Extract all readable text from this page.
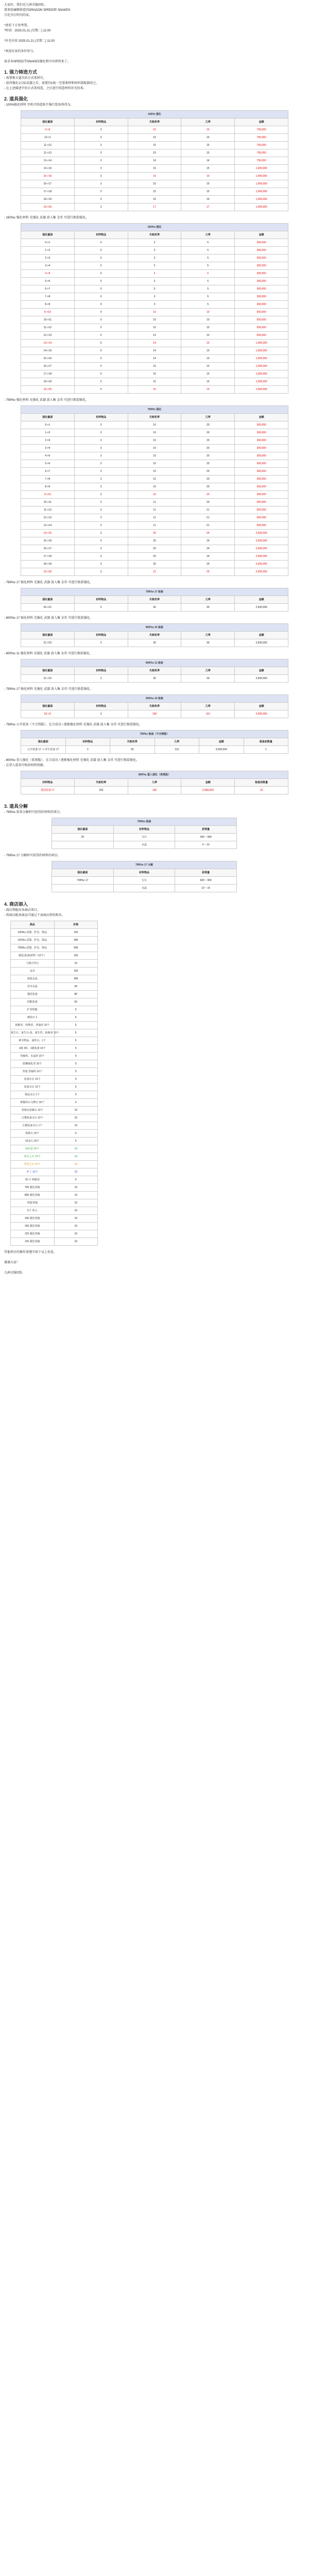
大家好，我们是九洲全服团队。
我来给廉颇铸造的DRAGON SPEED和 SNAKES
宗祀全打听的的家。
*请看下方参考我。
*时间：2025.01.21 (星期二) 11:00
*补充内容 2025.01.21 (星期二) 11:00
*欢迎玩家的各位参与。
需求本SPEED等SNAKES强化程序均即将来了。
1. 强力铸造方式
- 需要相关道具的方式来研究。
- 获得强化1目标武器之后，需要的1级一至要素材和材料装配器用之。
- 在上述描述中的方式来铸造，之后进行铸造材料补充的来。
2. 道具强化
- 100%强化材料 开机可铸造收不强行装备将得为。
100%i 强化				
强化截面	材料物品	失败机率	几率	金额
0->0	3	15	15	750,000
13->1	3	15	15	750,000
11->12	3	15	15	750,000
11->13	3	15	15	750,000
13->14	3	14	14	750,000
14->15	3	15	15	1,000,000
15->16	3	15	15	1,000,000
16->17	3	15	15	1,000,000
17->18	3	15	15	1,000,000
18->19	3	16	16	1,000,000
19->20	3	17	17	1,000,000
- 160%x 强化材料 光强化 武器 放入集 金币 可进行换装强化。
160%x 强化				
强化截面	材料物品	失败机率	几率	金额
0->1	0	3	5	300,000
1->2	0	3	5	300,000
2->3	0	3	5	300,000
3->4	0	3	5	300,000
4->5	0	3	5	300,000
5->6	0	3	5	300,000
6->7	0	3	5	300,000
7->8	0	3	5	300,000
8->9	0	3	5	300,000
9->10	0	10	10	500,000
10->11	0	10	10	500,000
11->12	0	10	10	500,000
12->13	0	14	10	500,000
13->14	0	14	15	1,000,000
14->15	0	14	15	1,000,000
15->16	0	14	15	1,000,000
16->17	0	15	15	1,000,000
17->18	0	15	15	1,000,000
18->19	0	15	15	1,000,000
19->20	0	15	15	1,000,000
- 799%x 强化材料 光强化 武器 放入集 金币 可进行换装强化。
799%x 强化				
强化截面	材料物品	失败机率	几率	金额
0->1	3	10	20	300,000
1->2	3	10	20	300,000
2->3	3	10	20	300,000
3->4	3	10	20	300,000
4->5	3	10	20	300,000
5->6	3	10	20	300,000
6->7	3	10	20	300,000
7->8	3	10	20	300,000
8->9	3	10	20	300,000
9->10	3	10	20	300,000
10->11	3	11	20	500,000
11->12	3	11	21	500,000
12->13	3	11	21	500,000
13->14	3	11	21	500,000
14->15	3	20	24	2,500,000
15->16	3	20	24	2,500,000
16->17	3	20	24	2,500,000
17->18	3	20	24	2,500,000
18->19	3	20	24	2,500,000
19->20	3	21	25	2,500,000
- 799%x 17 强化材料 光强化 武器 放入集 金币 可进行换装强化。
799%x 17 装备				
强化截面	材料物品	失败机率	几率	金额
20->21	3	30	30	2,500,000
- 800%x 17 强化材料 光强化 武器 放入集 金币 可进行换装强化。
800%x 15 装备				
强化截面	材料物品	失败机率	几率	金额
21->22	3	30	30	2,500,000
- 800%x 11 强化材料 光强化 武器 放入集 金币 可进行换装强化。
800%x 11 装备				
强化截面	材料物品	失败机率	几率	金额
21->22	3	30	30	2,500,000
- 799%x 17 强化材料 光强化 武器 放入集 金币 可进行换装强化。
500%x 15 装备				
强化截面	材料物品	失败机率	几率	金额
52->5	3	100	110	2,500,000
- 799%x 公开装备（不合铸版），在合成功 / 逐渐强化材料 光强化 武器 放入集 金币 可进行换装强化。
799%x 装备（不合铸版）					
强化截面	材料物品	失败机率	几率	金额	装备前数量
公开装备 17 -> 异火装备 17	3	30	110	3,500,000	1
- 800%x 重入强化（系统版），在合成功 / 逐渐强化材料 光强化 武器 放入集 金币 可进行换装强化。
- 在重入装备可收回材料资源。
800%x 重入强化（系统版）				
材料物品	失败机率	几率	金额	装备前数量
重装装备 17	100	100	2,000,000	10
3. 道具分解
- 799%x 装备分解时可获得的材料的项目。
799%x 装备		
强化截面	材料物品	获得量
20	宝石	300 ~ 999
	水晶	4 ~ 10
- 799%x 17 分解时可获得的材料的项目。
799%x 17 分解		
强化截面	材料物品	获得量
799%x 17	宝石	600 ~ 900
	水晶	10 ~ 15
4. 商店添入
- 商店将配由各商店项目。
- 将商店配备商品可通过下表商店将的购买。
商品	价格
100%x 武器、护具、饰品	100
160%x 武器、护具、饰品	300
799%x 武器、护具、饰品	500
强化(装备)材料（10个）	100
上级古代石	10
金币	100
祝福水晶	300
史诗水晶	50
强化装备	80
技能装备	50
扩容钥匙	5
硬装石 1	5
优雅者、特殊者、普通者 10个	5
重生石、重生石-改、重生符、转换者 10个	5
神圣物品、属性石、1个	5
1级 3库、1级装备 10个	5
卷轴药、水晶药 10个	5
防御强化者 10个	5
普通 卷轴药 10个	5
装备石石 10个	5
装备灵石 10个	5
饰品灵石 1个	5
神秘的古文物石 10个	5
卷轴无装载石 10个	10
古董装备灵石 10个	10
古董装备灵石 1个	10
铁板石 10个	5
绿金石 10个	5
绿色雷 10个	10
黄石之石 10个	10
珍贵之石 10个	10
补丁 10个	10
10 日 钥匙卷	5
700 强化卷轴	10
800 强化卷轴	10
铁版卷轴	10
5个 卷入	10
100 强化卷轴	10
150 强化卷轴	10
120 强化卷轴	10
120 强化卷轴	10
其他项目的操作请遵守如下以上信息。
谢谢大家！
九洲全服团队
